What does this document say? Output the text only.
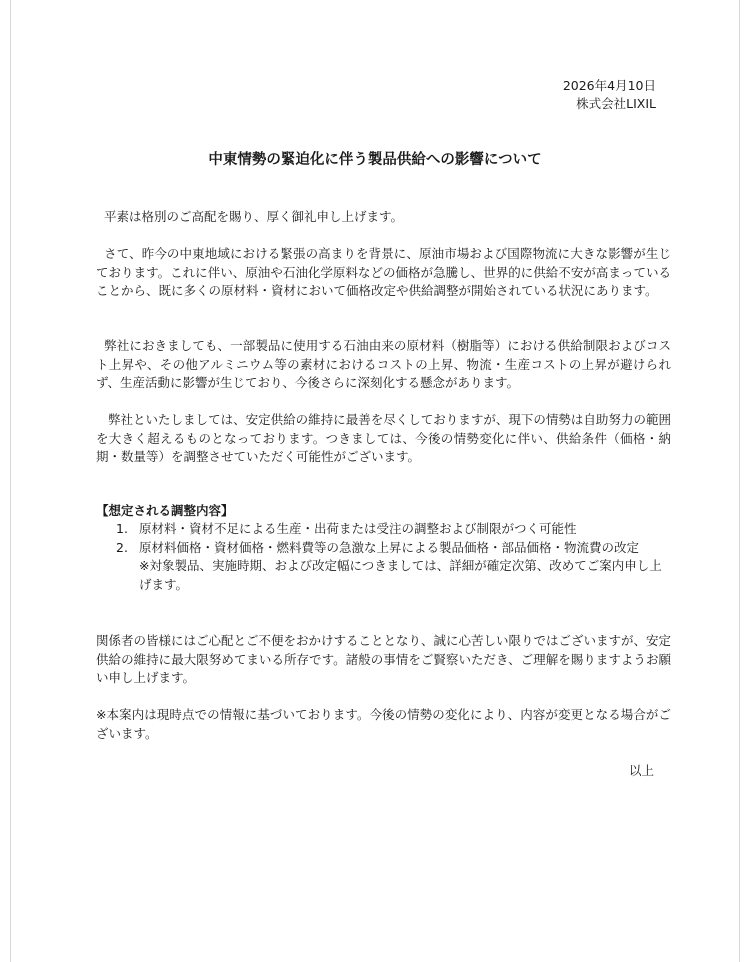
2026年4月10日
株式会社LIXIL
中東情勢の緊迫化に伴う製品供給への影響について
平素は格別のご高配を賜り、厚く御礼申し上げます。
さて、昨今の中東地域における緊張の高まりを背景に、原油市場および国際物流に大きな影響が生じております。これに伴い、原油や石油化学原料などの価格が急騰し、世界的に供給不安が高まっていることから、既に多くの原材料・資材において価格改定や供給調整が開始されている状況にあります。
弊社におきましても、一部製品に使用する石油由来の原材料（樹脂等）における供給制限およびコスト上昇や、その他アルミニウム等の素材におけるコストの上昇、物流・生産コストの上昇が避けられず、生産活動に影響が生じており、今後さらに深刻化する懸念があります。
弊社といたしましては、安定供給の維持に最善を尽くしておりますが、現下の情勢は自助努力の範囲を大きく超えるものとなっております。つきましては、今後の情勢変化に伴い、供給条件（価格・納期・数量等）を調整させていただく可能性がございます。
【想定される調整内容】
1. 原材料・資材不足による生産・出荷または受注の調整および制限がつく可能性
2. 原材料価格・資材価格・燃料費等の急激な上昇による製品価格・部品価格・物流費の改定
※対象製品、実施時期、および改定幅につきましては、詳細が確定次第、改めてご案内申し上げます。
関係者の皆様にはご心配とご不便をおかけすることとなり、誠に心苦しい限りではございますが、安定供給の維持に最大限努めてまいる所存です。諸般の事情をご賢察いただき、ご理解を賜りますようお願い申し上げます。
※本案内は現時点での情報に基づいております。今後の情勢の変化により、内容が変更となる場合がございます。
以上
